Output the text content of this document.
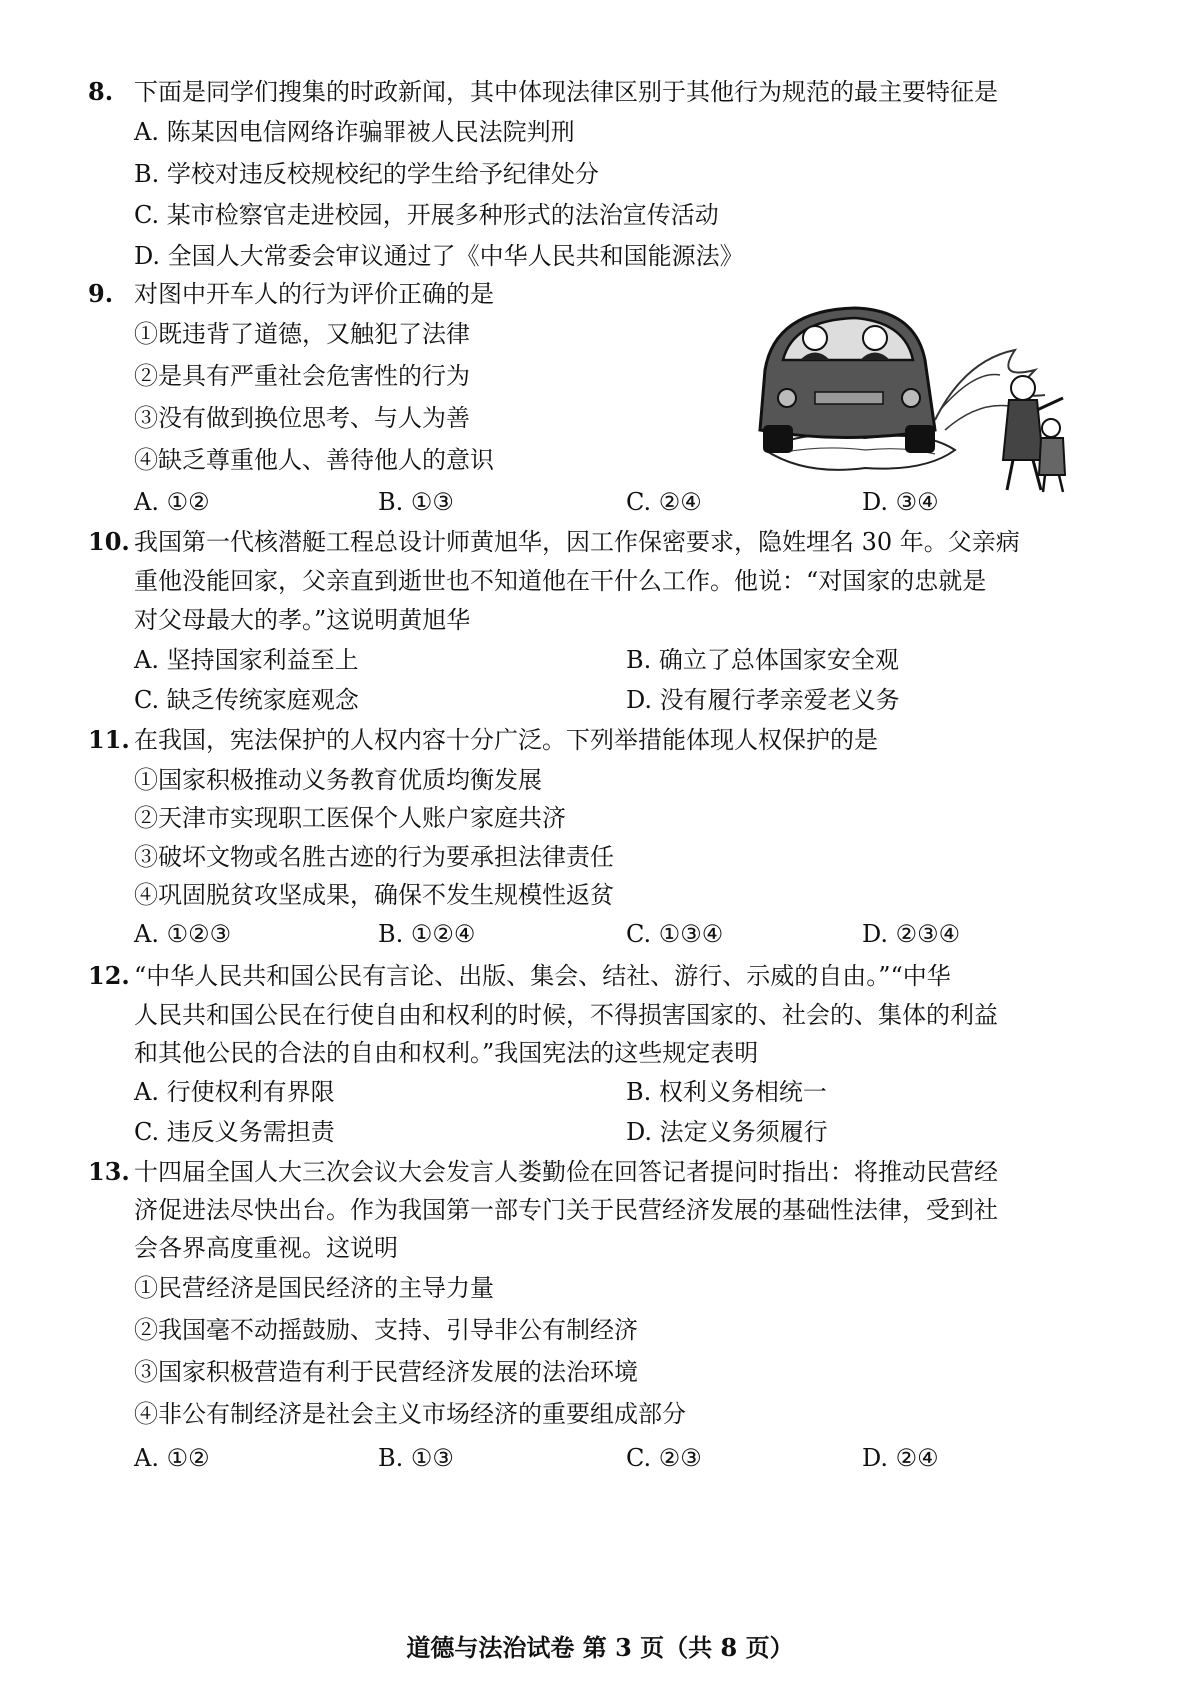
8. 下面是同学们搜集的时政新闻，其中体现法律区别于其他行为规范的最主要特征是
A. 陈某因电信网络诈骗罪被人民法院判刑
B. 学校对违反校规校纪的学生给予纪律处分
C. 某市检察官走进校园，开展多种形式的法治宣传活动
D. 全国人大常委会审议通过了《中华人民共和国能源法》
9. 对图中开车人的行为评价正确的是
①既违背了道德，又触犯了法律
②是具有严重社会危害性的行为
③没有做到换位思考、与人为善
④缺乏尊重他人、善待他人的意识
A. ①②	B. ①③	C. ②④	D. ③④
10. 我国第一代核潜艇工程总设计师黄旭华，因工作保密要求，隐姓埋名 30 年。父亲病
重他没能回家，父亲直到逝世也不知道他在干什么工作。他说：“对国家的忠就是
对父母最大的孝。”这说明黄旭华
A. 坚持国家利益至上	B. 确立了总体国家安全观
C. 缺乏传统家庭观念	D. 没有履行孝亲爱老义务
11. 在我国，宪法保护的人权内容十分广泛。下列举措能体现人权保护的是
①国家积极推动义务教育优质均衡发展
②天津市实现职工医保个人账户家庭共济
③破坏文物或名胜古迹的行为要承担法律责任
④巩固脱贫攻坚成果，确保不发生规模性返贫
A. ①②③	B. ①②④	C. ①③④	D. ②③④
12. “中华人民共和国公民有言论、出版、集会、结社、游行、示威的自由。”“中华
人民共和国公民在行使自由和权利的时候，不得损害国家的、社会的、集体的利益
和其他公民的合法的自由和权利。”我国宪法的这些规定表明
A. 行使权利有界限	B. 权利义务相统一
C. 违反义务需担责	D. 法定义务须履行
13. 十四届全国人大三次会议大会发言人娄勤俭在回答记者提问时指出：将推动民营经
济促进法尽快出台。作为我国第一部专门关于民营经济发展的基础性法律，受到社
会各界高度重视。这说明
①民营经济是国民经济的主导力量
②我国毫不动摇鼓励、支持、引导非公有制经济
③国家积极营造有利于民营经济发展的法治环境
④非公有制经济是社会主义市场经济的重要组成部分
A. ①②	B. ①③	C. ②③	D. ②④
道德与法治试卷 第 3 页（共 8 页）
